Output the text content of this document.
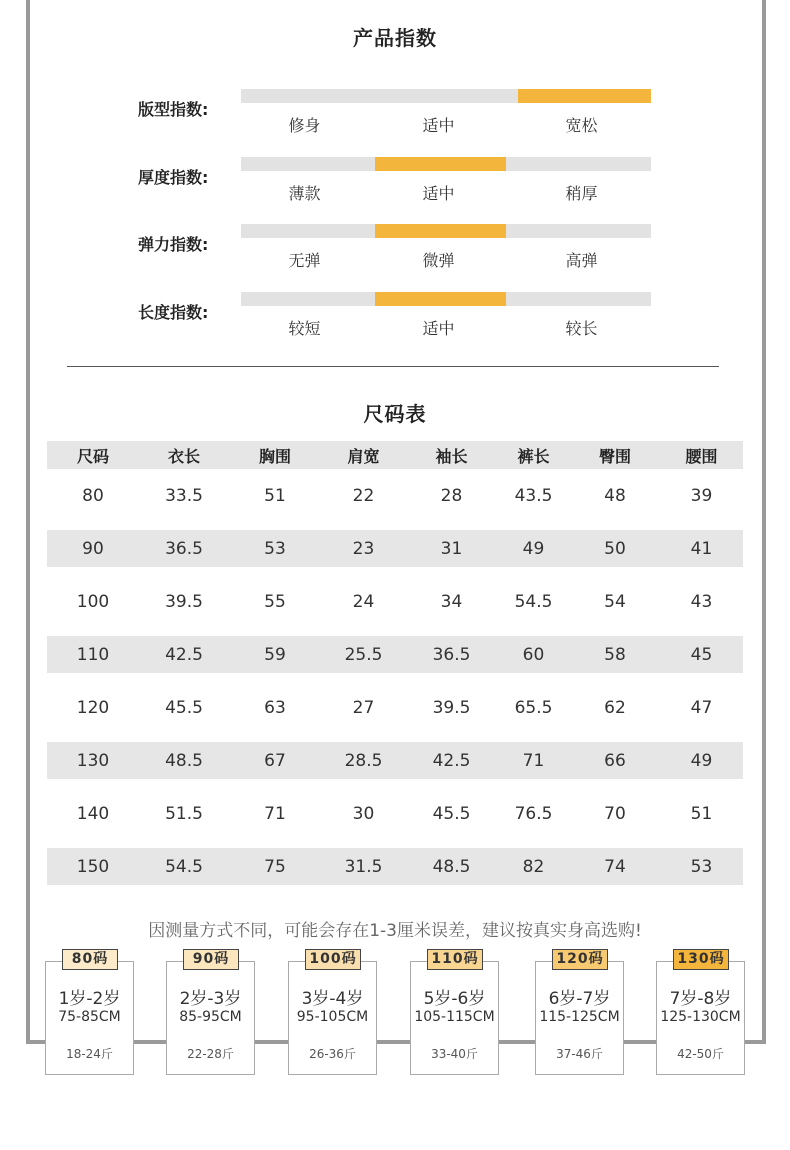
产品指数
版型指数:
修身	适中	宽松
厚度指数:
薄款	适中	稍厚
弹力指数:
无弹	微弹	高弹
长度指数:
较短	适中	较长
尺码表
尺码	衣长	胸围	肩宽	袖长	裤长	臀围	腰围
80	33.5	51	22	28	43.5	48	39
90	36.5	53	23	31	49	50	41
100	39.5	55	24	34	54.5	54	43
110	42.5	59	25.5	36.5	60	58	45
120	45.5	63	27	39.5	65.5	62	47
130	48.5	67	28.5	42.5	71	66	49
140	51.5	71	30	45.5	76.5	70	51
150	54.5	75	31.5	48.5	82	74	53
因测量方式不同，可能会存在1-3厘米误差，建议按真实身高选购!
1岁-2岁
75-85CM
18-24斤
80码
2岁-3岁
85-95CM
22-28斤
90码
3岁-4岁
95-105CM
26-36斤
100码
5岁-6岁
105-115CM
33-40斤
110码
6岁-7岁
115-125CM
37-46斤
120码
7岁-8岁
125-130CM
42-50斤
130码
